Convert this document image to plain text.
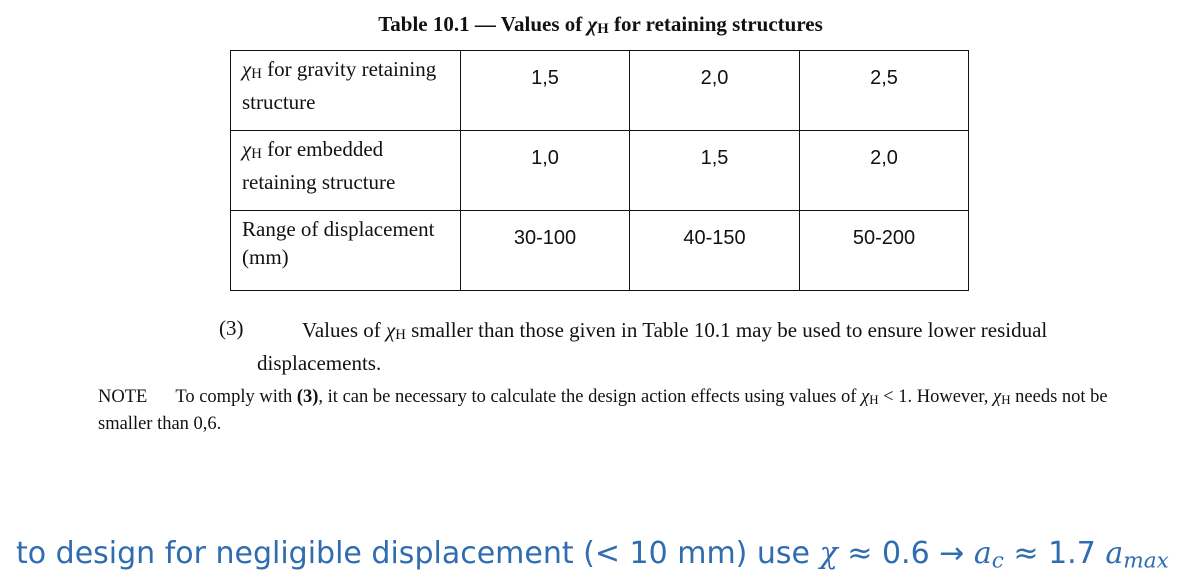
Table 10.1 — Values of $\chi_H$ for retaining structures
$\chi_H$ for gravity retaining structure	1,5	2,0	2,5
$\chi_H$ for embedded retaining structure	1,0	1,5	2,0
Range of displacement (mm)	30-100	40-150	50-200
(3)	Values of $\chi_H$ smaller than those given in Table 10.1 may be used to ensure lower residual displacements.
NOTE To comply with (3), it can be necessary to calculate the design action effects using values of $\chi_H < 1$. However, $\chi_H$ needs not be smaller than 0,6.
to design for negligible displacement (< 10 mm) use $\chi \approx 0.6 \to a_c \approx 1.7$ $a_{max}$
